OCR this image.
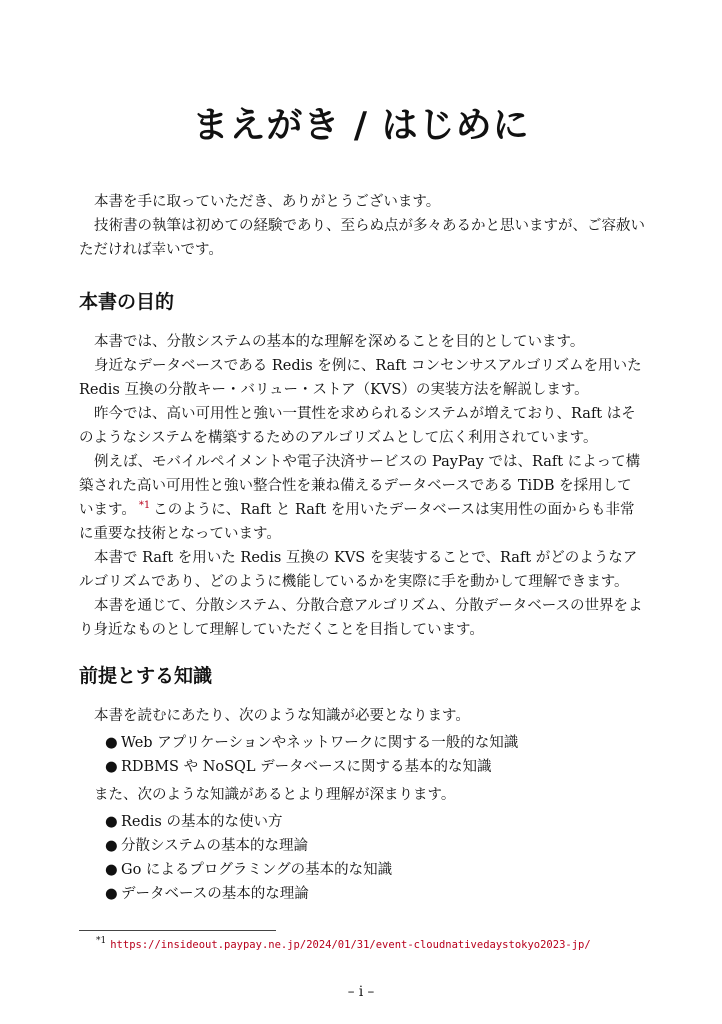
まえがき / はじめに

本書を手に取っていただき、ありがとうございます。

技術書の執筆は初めての経験であり、至らぬ点が多々あるかと思いますが、ご容赦いただければ幸いです。

本書の目的

本書では、分散システムの基本的な理解を深めることを目的としています。

身近なデータベースである Redis を例に、Raft コンセンサスアルゴリズムを用いた Redis 互換の分散キー・バリュー・ストア（KVS）の実装方法を解説します。

昨今では、高い可用性と強い一貫性を求められるシステムが増えており、Raft はそのようなシステムを構築するためのアルゴリズムとして広く利用されています。

例えば、モバイルペイメントや電子決済サービスの PayPay では、Raft によって構築された高い可用性と強い整合性を兼ね備えるデータベースである TiDB を採用しています。 $^{*1}$ このように、Raft と Raft を用いたデータベースは実用性の面からも非常に重要な技術となっています。

本書で Raft を用いた Redis 互換の KVS を実装することで、Raft がどのようなアルゴリズムであり、どのように機能しているかを実際に手を動かして理解できます。

本書を通じて、分散システム、分散合意アルゴリズム、分散データベースの世界をより身近なものとして理解していただくことを目指しています。

前提とする知識

本書を読むにあたり、次のような知識が必要となります。

● Web アプリケーションやネットワークに関する一般的な知識
● RDBMS や NoSQL データベースに関する基本的な知識

また、次のような知識があるとより理解が深まります。

● Redis の基本的な使い方
● 分散システムの基本的な理論
● Go によるプログラミングの基本的な知識
● データベースの基本的な理論
$^{*1}$ https://insideout.paypay.ne.jp/2024/01/31/event-cloudnativedaystokyo2023-jp/
– i –
